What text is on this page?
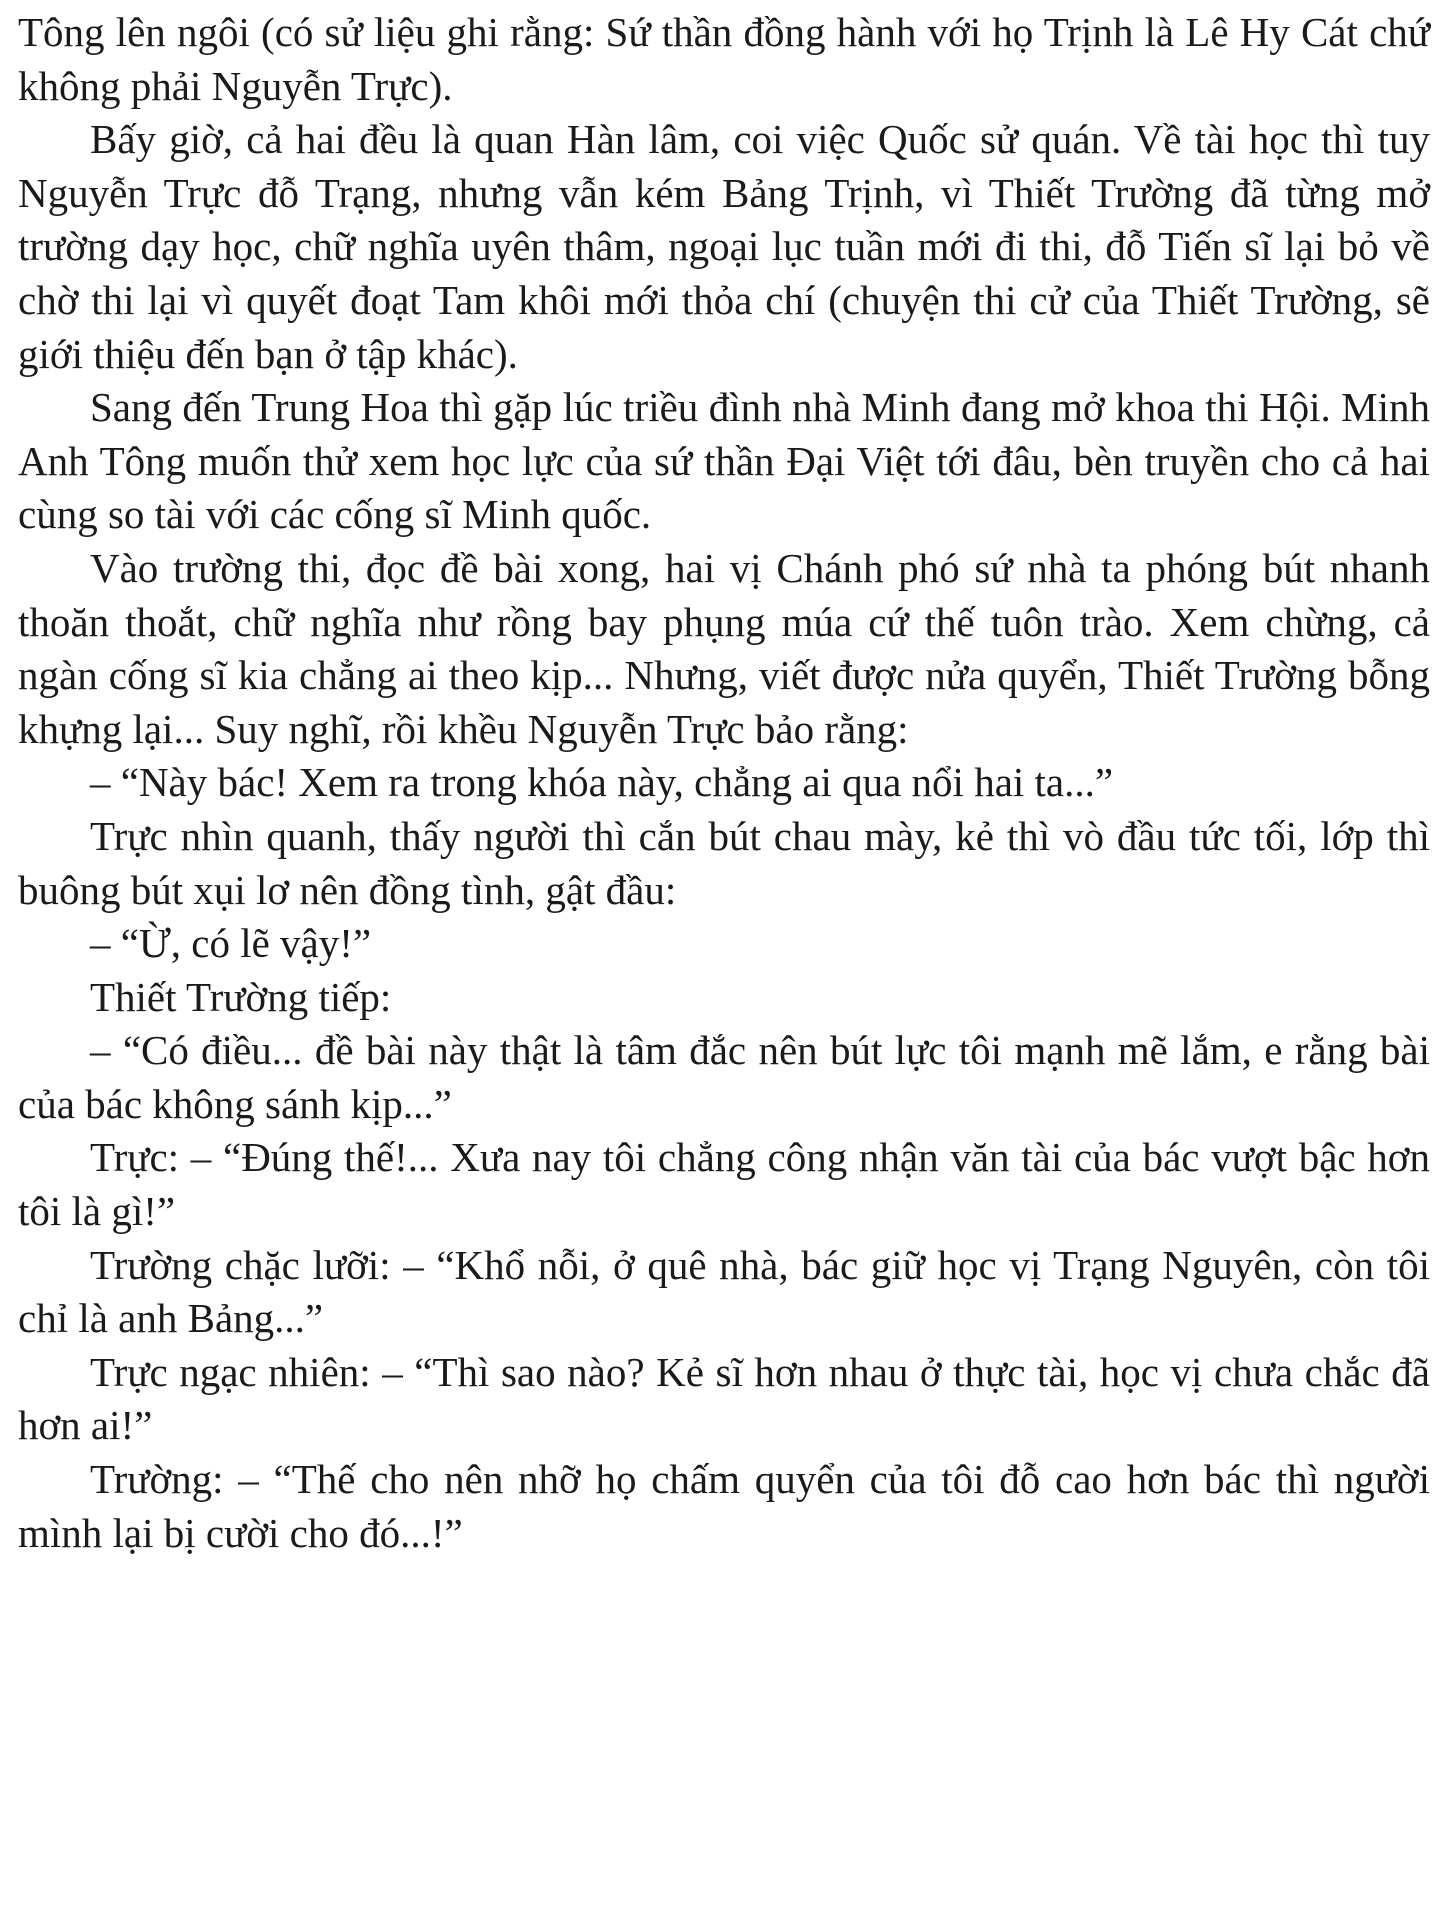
Tông lên ngôi (có sử liệu ghi rằng: Sứ thần đồng hành với họ Trịnh là Lê Hy Cát chứ không phải Nguyễn Trực).

Bấy giờ, cả hai đều là quan Hàn lâm, coi việc Quốc sử quán. Về tài học thì tuy Nguyễn Trực đỗ Trạng, nhưng vẫn kém Bảng Trịnh, vì Thiết Trường đã từng mở trường dạy học, chữ nghĩa uyên thâm, ngoại lục tuần mới đi thi, đỗ Tiến sĩ lại bỏ về chờ thi lại vì quyết đoạt Tam khôi mới thỏa chí (chuyện thi cử của Thiết Trường, sẽ giới thiệu đến bạn ở tập khác).

Sang đến Trung Hoa thì gặp lúc triều đình nhà Minh đang mở khoa thi Hội. Minh Anh Tông muốn thử xem học lực của sứ thần Đại Việt tới đâu, bèn truyền cho cả hai cùng so tài với các cống sĩ Minh quốc.

Vào trường thi, đọc đề bài xong, hai vị Chánh phó sứ nhà ta phóng bút nhanh thoăn thoắt, chữ nghĩa như rồng bay phụng múa cứ thế tuôn trào. Xem chừng, cả ngàn cống sĩ kia chẳng ai theo kịp... Nhưng, viết được nửa quyển, Thiết Trường bỗng khựng lại... Suy nghĩ, rồi khều Nguyễn Trực bảo rằng:

– “Này bác! Xem ra trong khóa này, chẳng ai qua nổi hai ta...”

Trực nhìn quanh, thấy người thì cắn bút chau mày, kẻ thì vò đầu tức tối, lớp thì buông bút xụi lơ nên đồng tình, gật đầu:

– “Ừ, có lẽ vậy!”

Thiết Trường tiếp:

– “Có điều... đề bài này thật là tâm đắc nên bút lực tôi mạnh mẽ lắm, e rằng bài của bác không sánh kịp...”

Trực: – “Đúng thế!... Xưa nay tôi chẳng công nhận văn tài của bác vượt bậc hơn tôi là gì!”

Trường chặc lưỡi: – “Khổ nỗi, ở quê nhà, bác giữ học vị Trạng Nguyên, còn tôi chỉ là anh Bảng...”

Trực ngạc nhiên: – “Thì sao nào? Kẻ sĩ hơn nhau ở thực tài, học vị chưa chắc đã hơn ai!”

Trường: – “Thế cho nên nhỡ họ chấm quyển của tôi đỗ cao hơn bác thì người mình lại bị cười cho đó...!”
